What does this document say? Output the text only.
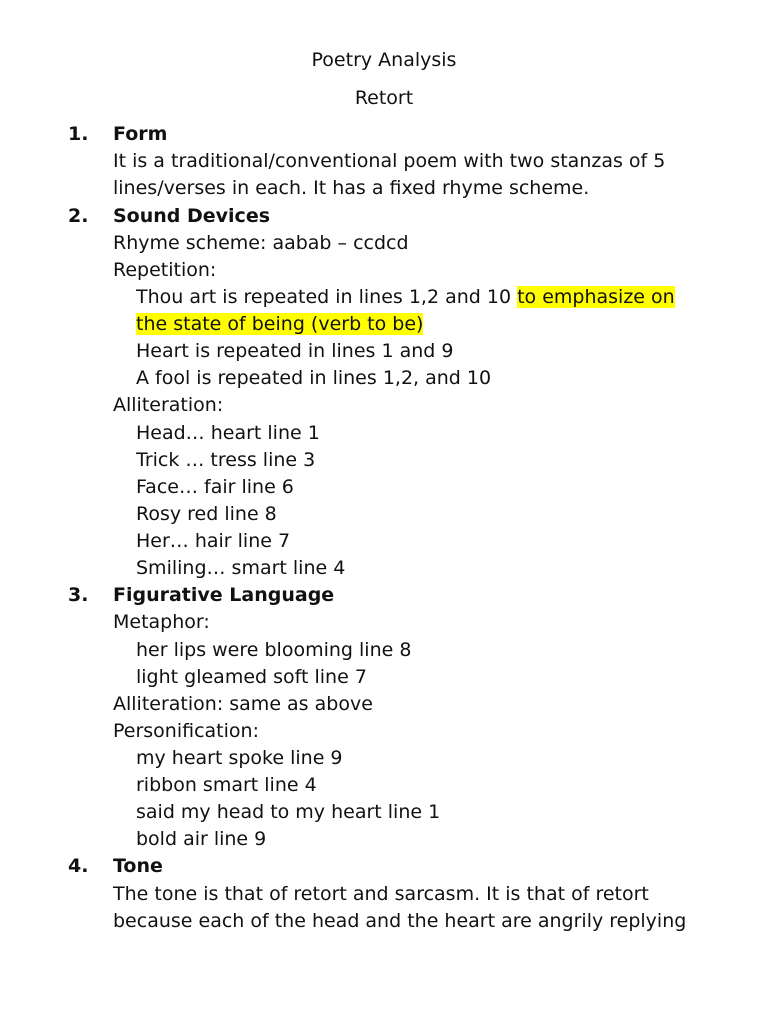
Poetry Analysis
Retort
1. Form
It is a traditional/conventional poem with two stanzas of 5
lines/verses in each. It has a fixed rhyme scheme.
2. Sound Devices
Rhyme scheme: aabab – ccdcd
Repetition:
Thou art is repeated in lines 1,2 and 10 to emphasize on
the state of being (verb to be)
Heart is repeated in lines 1 and 9
A fool is repeated in lines 1,2, and 10
Alliteration:
Head… heart line 1
Trick … tress line 3
Face… fair line 6
Rosy red line 8
Her… hair line 7
Smiling… smart line 4
3. Figurative Language
Metaphor:
her lips were blooming line 8
light gleamed soft line 7
Alliteration: same as above
Personification:
my heart spoke line 9
ribbon smart line 4
said my head to my heart line 1
bold air line 9
4. Tone
The tone is that of retort and sarcasm. It is that of retort
because each of the head and the heart are angrily replying
